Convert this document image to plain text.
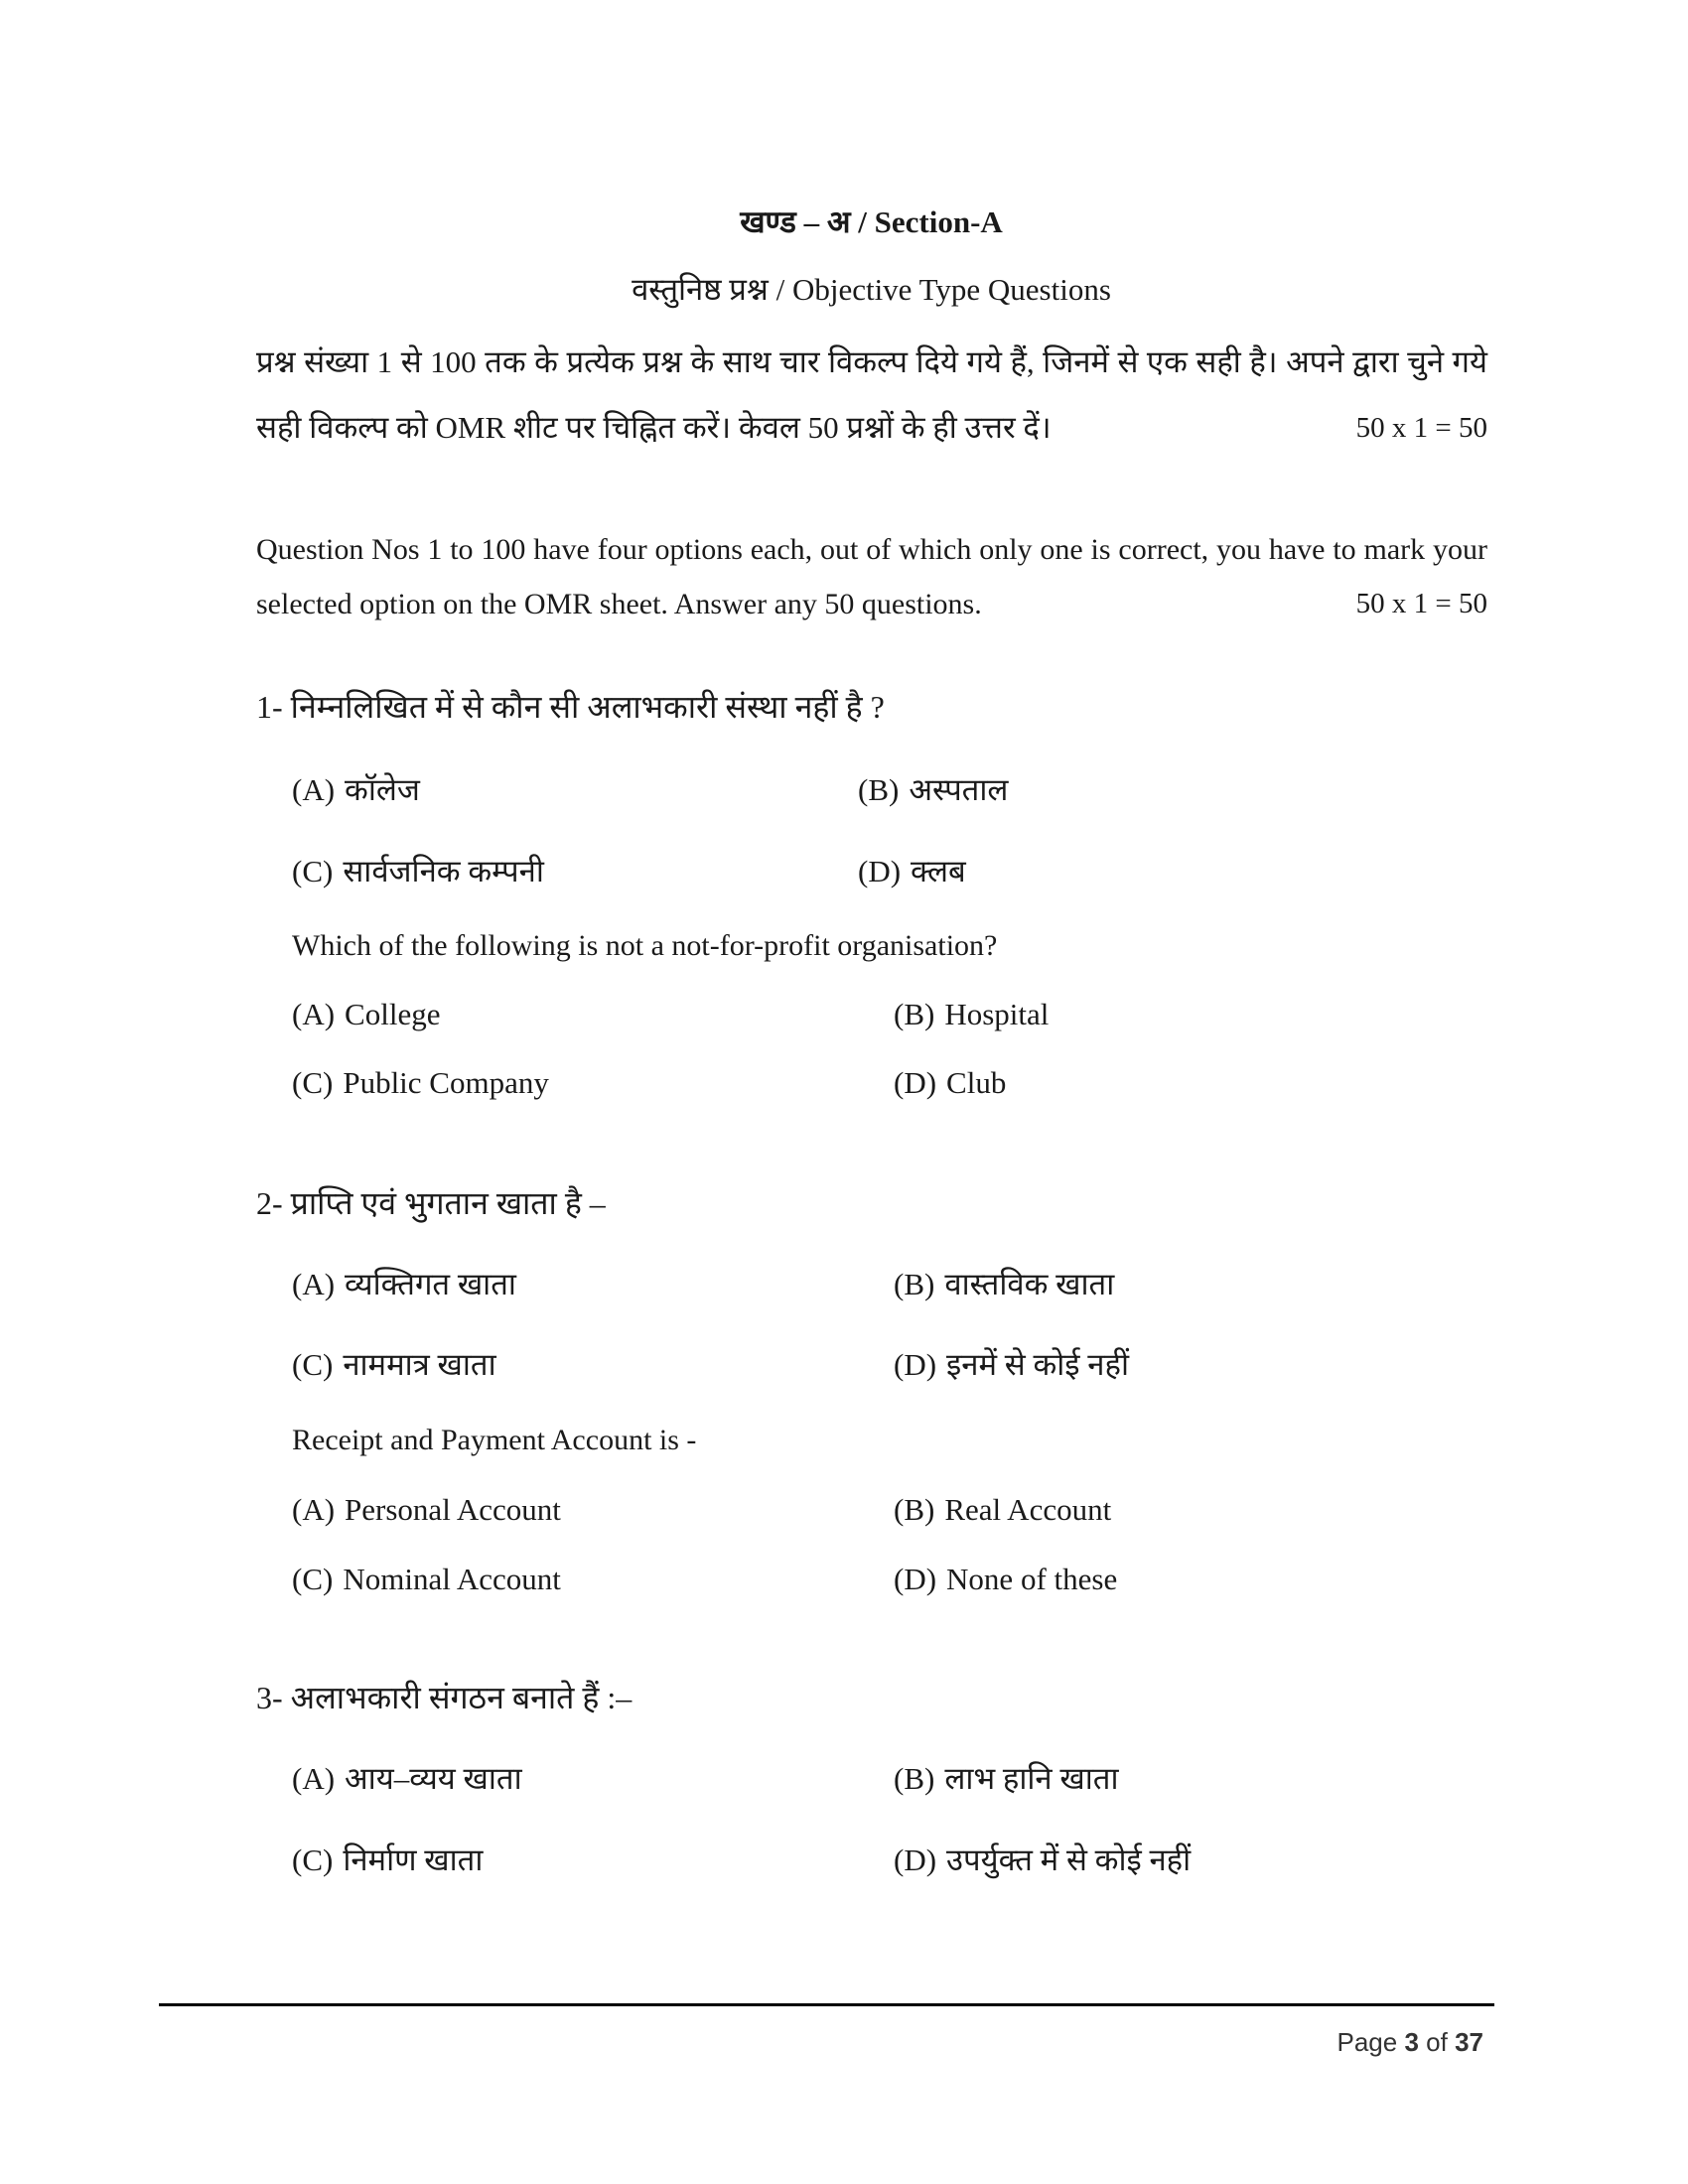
खण्ड – अ / Section-A
वस्तुनिष्ठ प्रश्न / Objective Type Questions
प्रश्न संख्या 1 से 100 तक के प्रत्येक प्रश्न के साथ चार विकल्प दिये गये हैं, जिनमें से एक सही है। अपने द्वारा चुने गये सही विकल्प को OMR शीट पर चिह्नित करें। केवल 50 प्रश्नों के ही उत्तर दें।	50 x 1 = 50
Question Nos 1 to 100 have four options each, out of which only one is correct, you have to mark your selected option on the OMR sheet. Answer any 50 questions.	50 x 1 = 50
1- निम्नलिखित में से कौन सी अलाभकारी संस्था नहीं है ?
(A) कॉलेज	(B) अस्पताल
(C) सार्वजनिक कम्पनी	(D) क्लब
Which of the following is not a not-for-profit organisation?
(A) College	(B) Hospital
(C) Public Company	(D) Club
2- प्राप्ति एवं भुगतान खाता है –
(A) व्यक्तिगत खाता	(B) वास्तविक खाता
(C) नाममात्र खाता	(D) इनमें से कोई नहीं
Receipt and Payment Account is -
(A) Personal Account	(B) Real Account
(C) Nominal Account	(D) None of these
3- अलाभकारी संगठन बनाते हैं :–
(A) आय–व्यय खाता	(B) लाभ हानि खाता
(C) निर्माण खाता	(D) उपर्युक्त में से कोई नहीं
Page 3 of 37
